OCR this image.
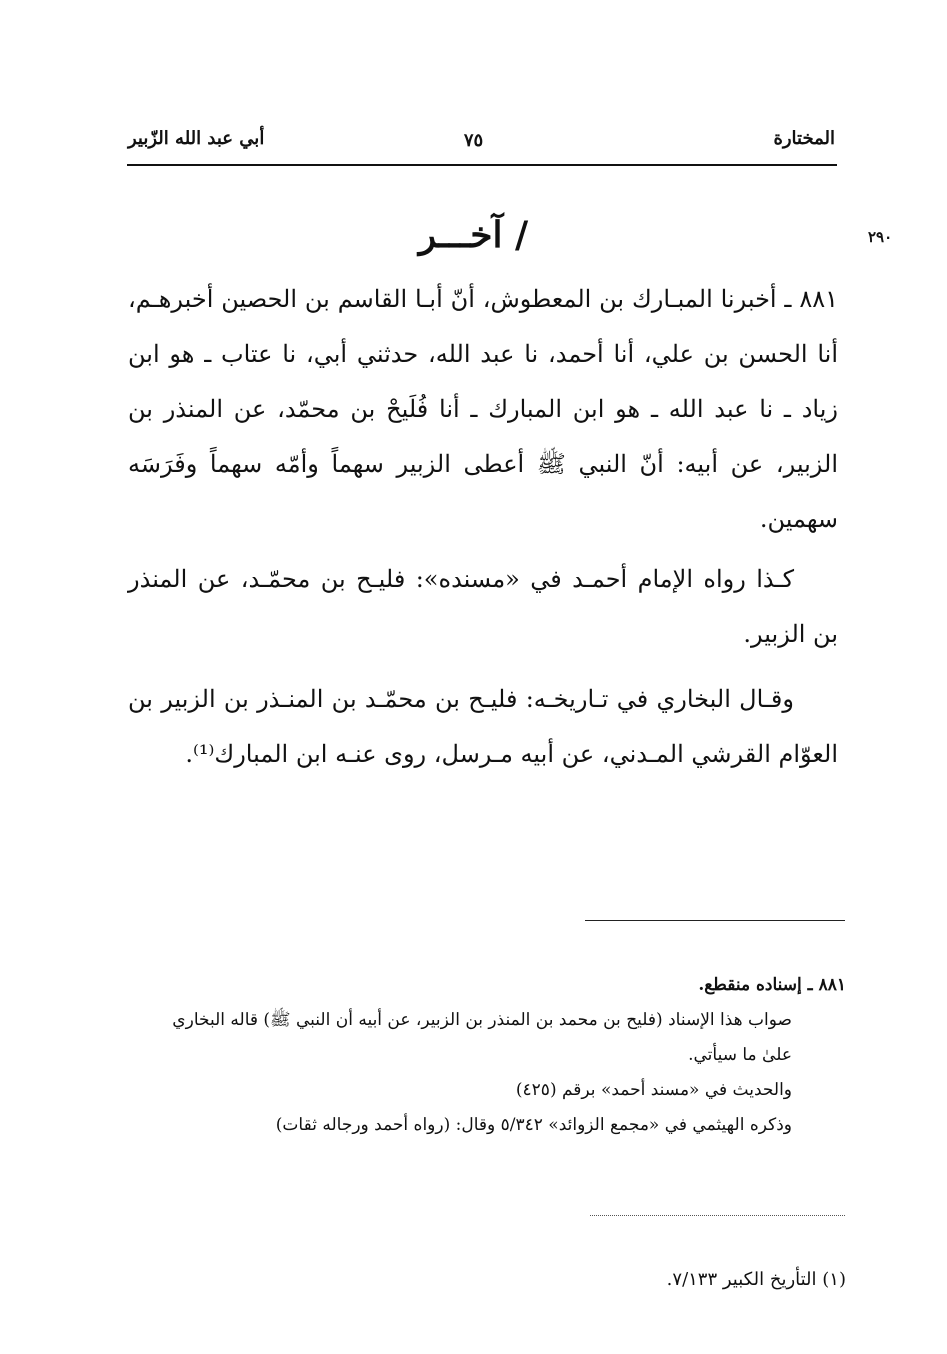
المختارة
٧٥
أبي عبد الله الزّبير
٢٩٠
/ آخـــر
٨٨١ ـ أخبرنا المبـارك بن المعطوش، أنّ أبـا القاسم بن الحصين أخبرهـم، أنا الحسن بن علي، أنا أحمد، نا عبد الله، حدثني أبي، نا عتاب ـ هو ابن زياد ـ نا عبد الله ـ هو ابن المبارك ـ أنا فُلَيحْ بن محمّد، عن المنذر بن الزبير، عن أبيه: أنّ النبي ﷺ أعطى الزبير سهماً وأمّه سهماً وفَرَسَه سهمين.
كـذا رواه الإمام أحمـد في «مسنده»: فليـح بن محمّـد، عن المنذر بن الزبير.
وقـال البخاري في تـاريخـه: فليـح بن محمّـد بن المنـذر بن الزبير بن العوّام القرشي المـدني، عن أبيه مـرسل، روى عنـه ابن المبارك⁽¹⁾.
٨٨١ ـ إسناده منقطع.
صواب هذا الإسناد (فليح بن محمد بن المنذر بن الزبير، عن أبيه أن النبي ﷺ) قاله البخاري علىٰ ما سيأتي.
والحديث في «مسند أحمد» برقم (٤٢٥)
وذكره الهيثمي في «مجمع الزوائد» ٥/٣٤٢ وقال: (رواه أحمد ورجاله ثقات)
(١) التأريخ الكبير ٧/١٣٣.
